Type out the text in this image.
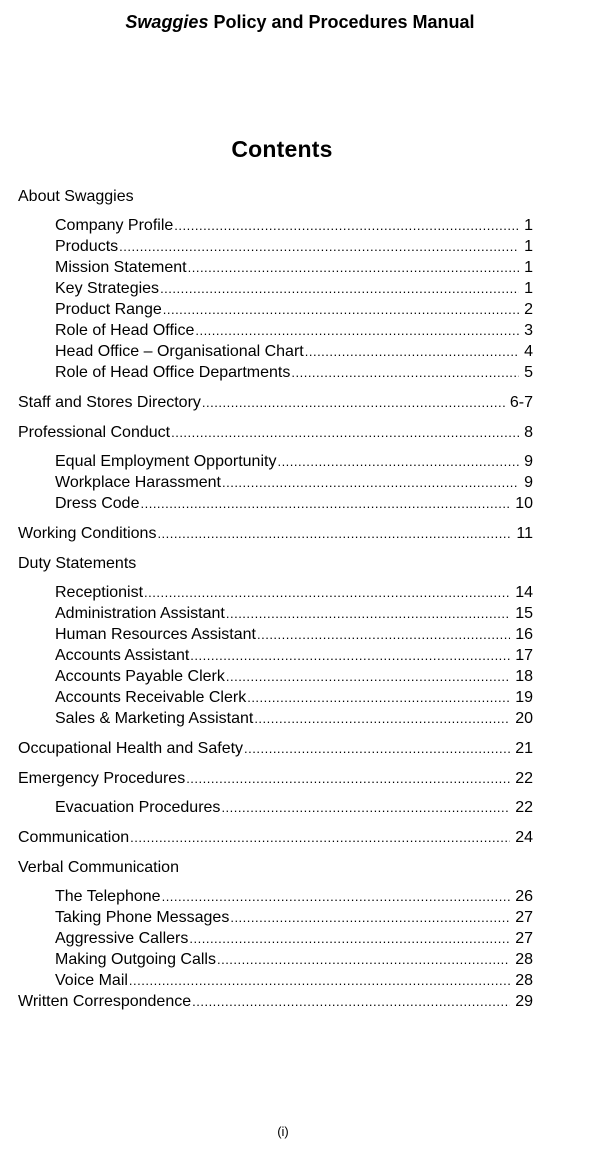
Swaggies Policy and Procedures Manual
Contents
About Swaggies
Company Profile .....	1
Products .....	1
Mission Statement .....	1
Key Strategies .....	1
Product Range .....	2
Role of Head Office .....	3
Head Office – Organisational Chart .....	4
Role of Head Office Departments .....	5
Staff and Stores Directory .....	6-7
Professional Conduct .....	8
Equal Employment Opportunity .....	9
Workplace Harassment .....	9
Dress Code .....	10
Working Conditions .....	11
Duty Statements
Receptionist .....	14
Administration Assistant .....	15
Human Resources Assistant .....	16
Accounts Assistant .....	17
Accounts Payable Clerk .....	18
Accounts Receivable Clerk .....	19
Sales & Marketing Assistant .....	20
Occupational Health and Safety .....	21
Emergency Procedures .....	22
Evacuation Procedures .....	22
Communication .....	24
Verbal Communication
The Telephone .....	26
Taking Phone Messages .....	27
Aggressive Callers .....	27
Making Outgoing Calls .....	28
Voice Mail .....	28
Written Correspondence .....	29
(i)
